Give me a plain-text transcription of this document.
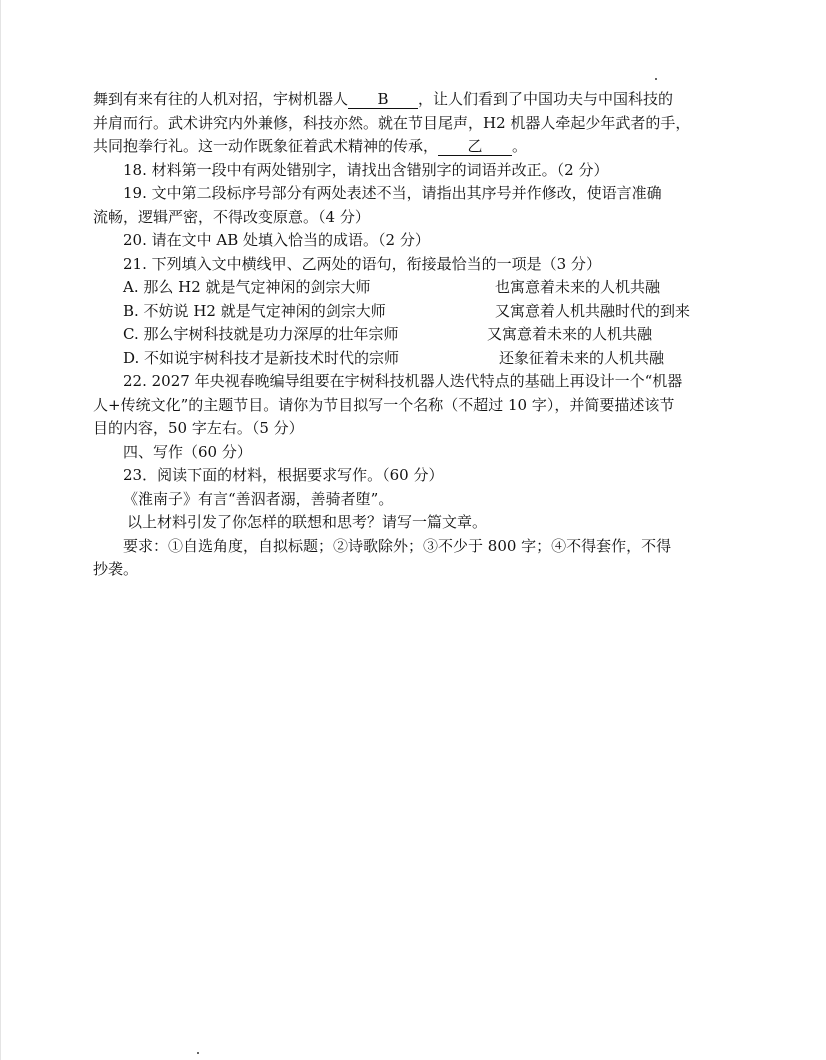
舞到有来有往的人机对招，宇树机器人 B ，让人们看到了中国功夫与中国科技的
并肩而行。武术讲究内外兼修，科技亦然。就在节目尾声，H2 机器人牵起少年武者的手，
共同抱拳行礼。这一动作既象征着武术精神的传承， 乙 。
18. 材料第一段中有两处错别字，请找出含错别字的词语并改正。（2 分）
19. 文中第二段标序号部分有两处表述不当，请指出其序号并作修改，使语言准确
流畅，逻辑严密，不得改变原意。（4 分）
20. 请在文中 AB 处填入恰当的成语。（2 分）
21. 下列填入文中横线甲、乙两处的语句，衔接最恰当的一项是（3 分）
A. 那么 H2 就是气定神闲的剑宗大师	也寓意着未来的人机共融
B. 不妨说 H2 就是气定神闲的剑宗大师	又寓意着人机共融时代的到来
C. 那么宇树科技就是功力深厚的壮年宗师	又寓意着未来的人机共融
D. 不如说宇树科技才是新技术时代的宗师	还象征着未来的人机共融
22. 2027 年央视春晚编导组要在宇树科技机器人迭代特点的基础上再设计一个“机器
人+传统文化”的主题节目。请你为节目拟写一个名称（不超过 10 字），并简要描述该节
目的内容，50 字左右。（5 分）
四、写作（60 分）
23．阅读下面的材料，根据要求写作。（60 分）
《淮南子》有言“善泅者溺，善骑者堕”。
以上材料引发了你怎样的联想和思考？请写一篇文章。
要求：①自选角度，自拟标题；②诗歌除外；③不少于 800 字；④不得套作，不得
抄袭。
